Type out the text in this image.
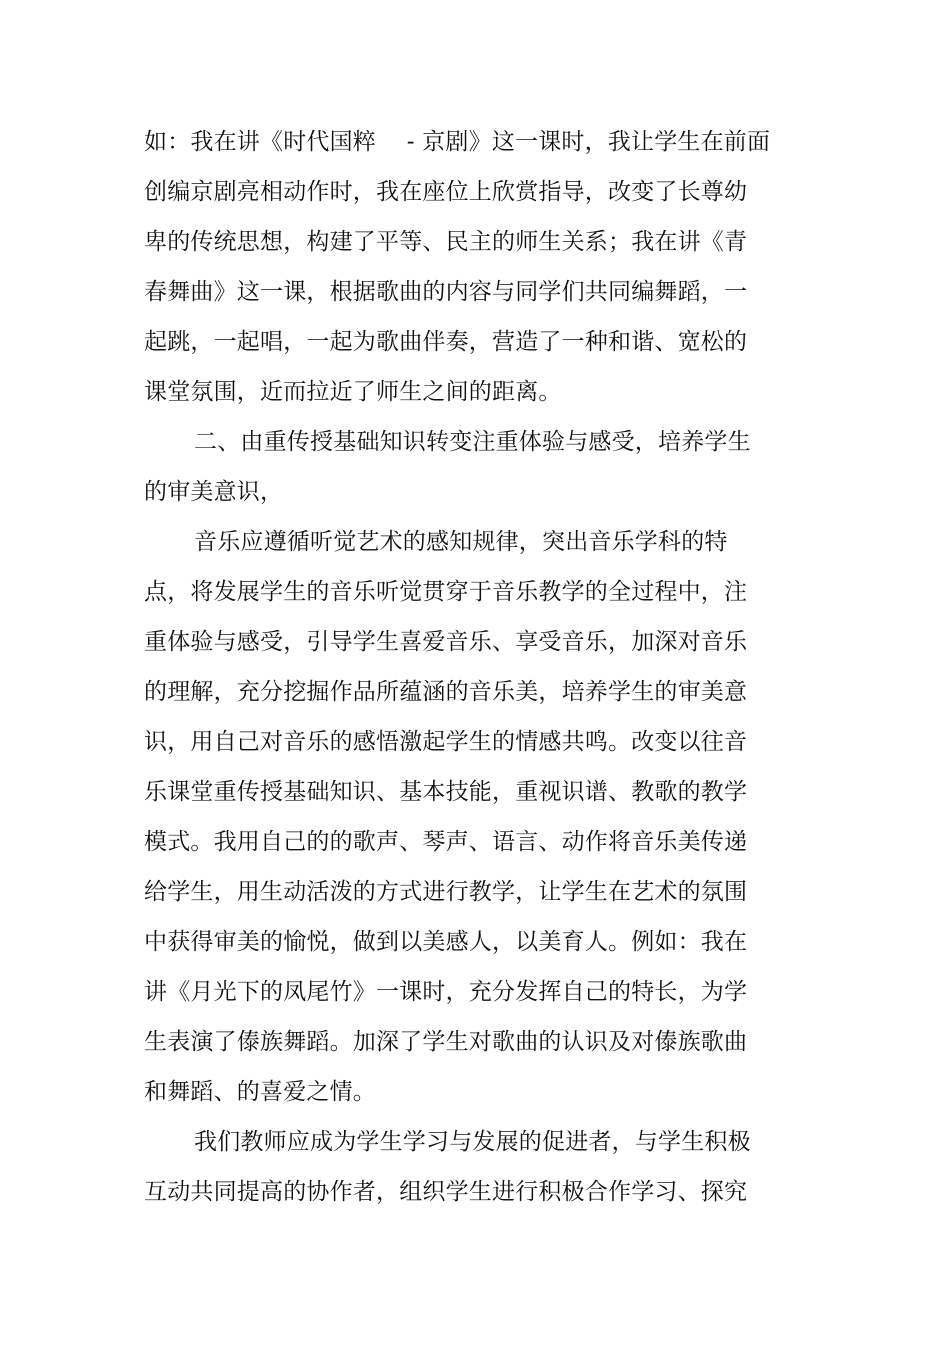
如：我在讲《时代国粹　 - 京剧》这一课时，我让学生在前面
创编京剧亮相动作时，我在座位上欣赏指导，改变了长尊幼
卑的传统思想，构建了平等、民主的师生关系；我在讲《青
春舞曲》这一课，根据歌曲的内容与同学们共同编舞蹈，一
起跳，一起唱，一起为歌曲伴奏，营造了一种和谐、宽松的
课堂氛围，近而拉近了师生之间的距离。
二、由重传授基础知识转变注重体验与感受，培养学生
的审美意识，
音乐应遵循听觉艺术的感知规律，突出音乐学科的特
点，将发展学生的音乐听觉贯穿于音乐教学的全过程中，注
重体验与感受，引导学生喜爱音乐、享受音乐，加深对音乐
的理解，充分挖掘作品所蕴涵的音乐美，培养学生的审美意
识，用自己对音乐的感悟激起学生的情感共鸣。改变以往音
乐课堂重传授基础知识、基本技能，重视识谱、教歌的教学
模式。我用自己的的歌声、琴声、语言、动作将音乐美传递
给学生，用生动活泼的方式进行教学，让学生在艺术的氛围
中获得审美的愉悦，做到以美感人，以美育人。例如：我在
讲《月光下的凤尾竹》一课时，充分发挥自己的特长，为学
生表演了傣族舞蹈。加深了学生对歌曲的认识及对傣族歌曲
和舞蹈、的喜爱之情。
我们教师应成为学生学习与发展的促进者，与学生积极
互动共同提高的协作者，组织学生进行积极合作学习、探究
